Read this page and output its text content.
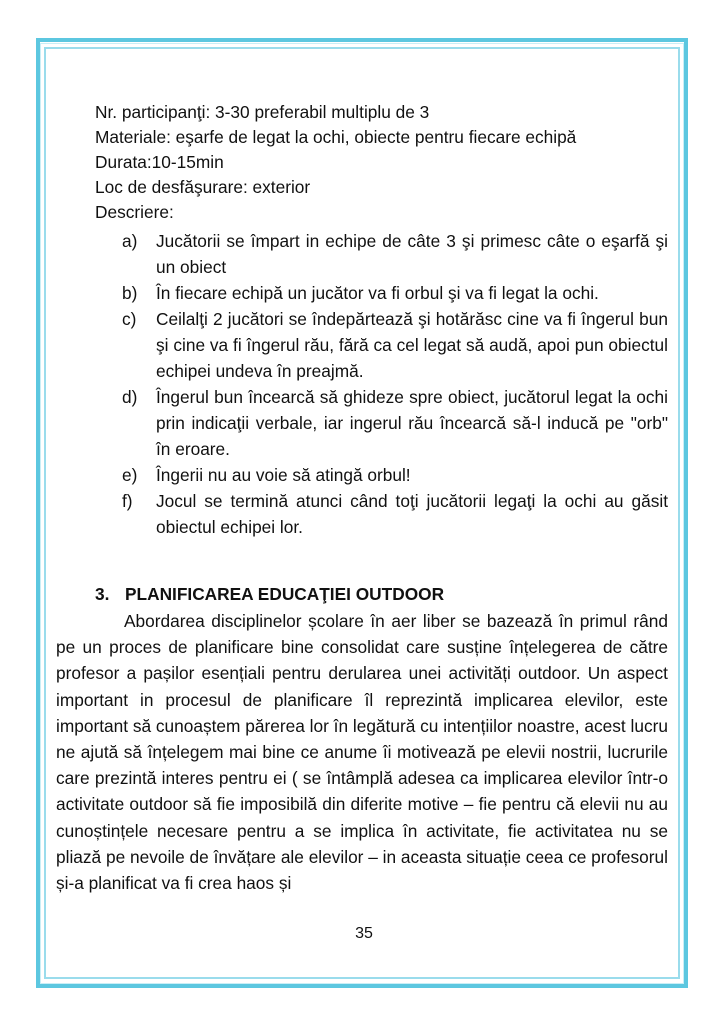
Nr. participanţi: 3-30 preferabil multiplu de 3
Materiale: eşarfe de legat la ochi, obiecte pentru fiecare echipă
Durata:10-15min
Loc de desfăşurare: exterior
Descriere:
a) Jucătorii se împart in echipe de câte 3 şi primesc câte o eşarfă şi un obiect
b) În fiecare echipă un jucător va fi orbul şi va fi legat la ochi.
c) Ceilalţi 2 jucători se îndepărtează şi hotărăsc cine va fi îngerul bun şi cine va fi îngerul rău, fără ca cel legat să audă, apoi pun obiectul echipei undeva în preajmă.
d) Îngerul bun încearcă să ghideze spre obiect, jucătorul legat la ochi prin indicaţii verbale, iar ingerul rău încearcă să-l inducă pe "orb" în eroare.
e) Îngerii nu au voie să atingă orbul!
f) Jocul se termină atunci când toţi jucătorii legaţi la ochi au găsit obiectul echipei lor.
3. PLANIFICAREA EDUCAŢIEI OUTDOOR

Abordarea disciplinelor școlare în aer liber se bazează în primul rând pe un proces de planificare bine consolidat care susține înțelegerea de către profesor a pașilor esențiali pentru derularea unei activități outdoor. Un aspect important in procesul de planificare îl reprezintă implicarea elevilor, este important să cunoaștem părerea lor în legătură cu intențiilor noastre, acest lucru ne ajută să înțelegem mai bine ce anume îi motivează pe elevii nostrii, lucrurile care prezintă interes pentru ei ( se întâmplă adesea ca implicarea elevilor într-o activitate outdoor să fie imposibilă din diferite motive – fie pentru că elevii nu au cunoștințele necesare pentru a se implica în activitate, fie activitatea nu se pliază pe nevoile de învățare ale elevilor – in aceasta situație ceea ce profesorul și-a planificat va fi crea haos și

35
